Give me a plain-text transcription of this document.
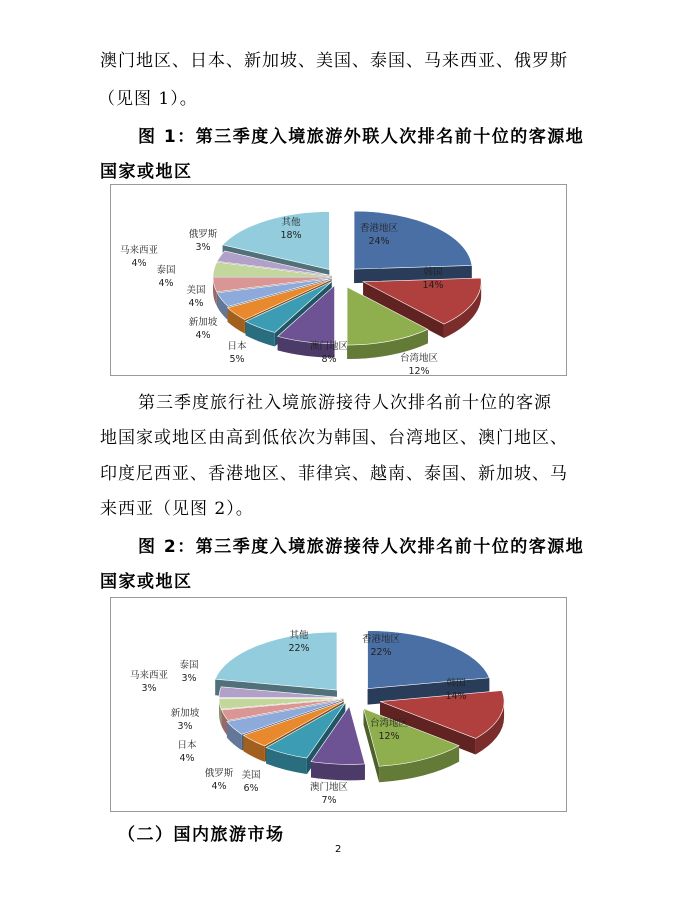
澳门地区、日本、新加坡、美国、泰国、马来西亚、俄罗斯
（见图 1）。
图 1：第三季度入境旅游外联人次排名前十位的客源地
国家或地区
香港地区
24%
韩国
14%
台湾地区
12%
澳门地区
8%
日本
5%
新加坡
4%
美国
4%
泰国
4%
马来西亚
4%
俄罗斯
3%
其他
18%
第三季度旅行社入境旅游接待人次排名前十位的客源
地国家或地区由高到低依次为韩国、台湾地区、澳门地区、
印度尼西亚、香港地区、菲律宾、越南、泰国、新加坡、马
来西亚（见图 2）。
图 2：第三季度入境旅游接待人次排名前十位的客源地
国家或地区
香港地区
22%
韩国
14%
台湾地区
12%
澳门地区
7%
美国
6%
俄罗斯
4%
日本
4%
新加坡
3%
马来西亚
3%
泰国
3%
其他
22%
（二）国内旅游市场
2
